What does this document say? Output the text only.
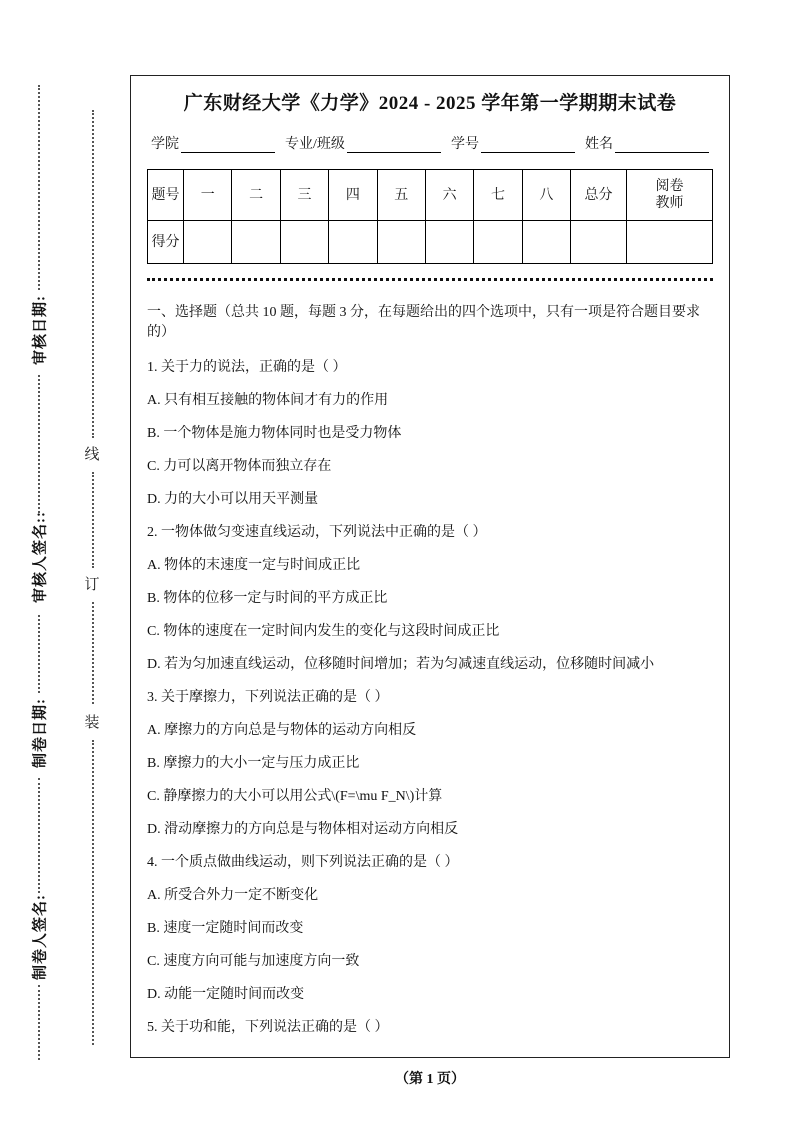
审核日期:
审核人签名::
制卷日期:
制卷人签名:
线
订
装
广东财经大学《力学》2024 - 2025 学年第一学期期末试卷
学院	专业/班级	学号	姓名
题号	一	二	三	四	五	六	七	八	总分	阅卷教师

得分										
一、选择题（总共 10 题，每题 3 分，在每题给出的四个选项中，只有一项是符合题目要求的）
1. 关于力的说法，正确的是（ ）
A. 只有相互接触的物体间才有力的作用
B. 一个物体是施力物体同时也是受力物体
C. 力可以离开物体而独立存在
D. 力的大小可以用天平测量
2. 一物体做匀变速直线运动，下列说法中正确的是（ ）
A. 物体的末速度一定与时间成正比
B. 物体的位移一定与时间的平方成正比
C. 物体的速度在一定时间内发生的变化与这段时间成正比
D. 若为匀加速直线运动，位移随时间增加；若为匀减速直线运动，位移随时间减小
3. 关于摩擦力，下列说法正确的是（ ）
A. 摩擦力的方向总是与物体的运动方向相反
B. 摩擦力的大小一定与压力成正比
C. 静摩擦力的大小可以用公式\(F=\mu F_N\)计算
D. 滑动摩擦力的方向总是与物体相对运动方向相反
4. 一个质点做曲线运动，则下列说法正确的是（ ）
A. 所受合外力一定不断变化
B. 速度一定随时间而改变
C. 速度方向可能与加速度方向一致
D. 动能一定随时间而改变
5. 关于功和能，下列说法正确的是（ ）
（第 1 页）
